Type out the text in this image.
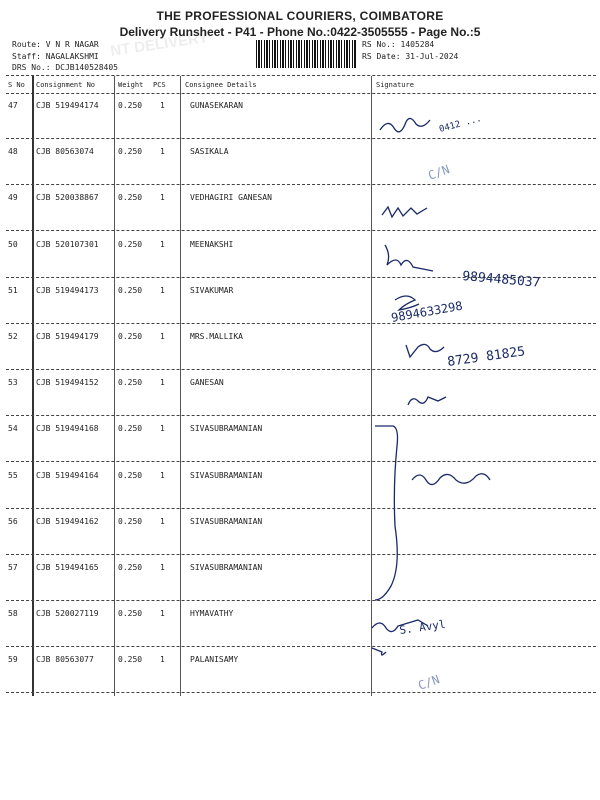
THE PROFESSIONAL COURIERS, COIMBATORE
Delivery Runsheet - P41 - Phone No.:0422-3505555 - Page No.:5
Route: V N R NAGAR
Staff: NAGALAKSHMI
DRS No.: DCJB140528405
NT DELIVERY	RS No.: 1405284
RS Date: 31-Jul-2024
S No Consignment No	Weight PCS	Consignee Details	Signature
47 CJB 519494174 0.250 1	GUNASEKARAN
48 CJB 80563074	0.250 1	SASIKALA
49 CJB 520038867 0.250 1	VEDHAGIRI GANESAN
50 CJB 520107301 0.250 1	MEENAKSHI
51 CJB 519494173 0.250 1	SIVAKUMAR
52 CJB 519494179 0.250 1	MRS.MALLIKA
53 CJB 519494152 0.250 1	GANESAN
54 CJB 519494168 0.250 1	SIVASUBRAMANIAN
55 CJB 519494164 0.250 1	SIVASUBRAMANIAN
56 CJB 519494162 0.250 1	SIVASUBRAMANIAN
57 CJB 519494165 0.250 1	SIVASUBRAMANIAN
58 CJB 520027119 0.250 1	HYMAVATHY
59 CJB 80563077	0.250 1	PALANISAMY
0412 ...
C/N
9894485037
9894633298
8729 81825
S. Avyl
C/N
